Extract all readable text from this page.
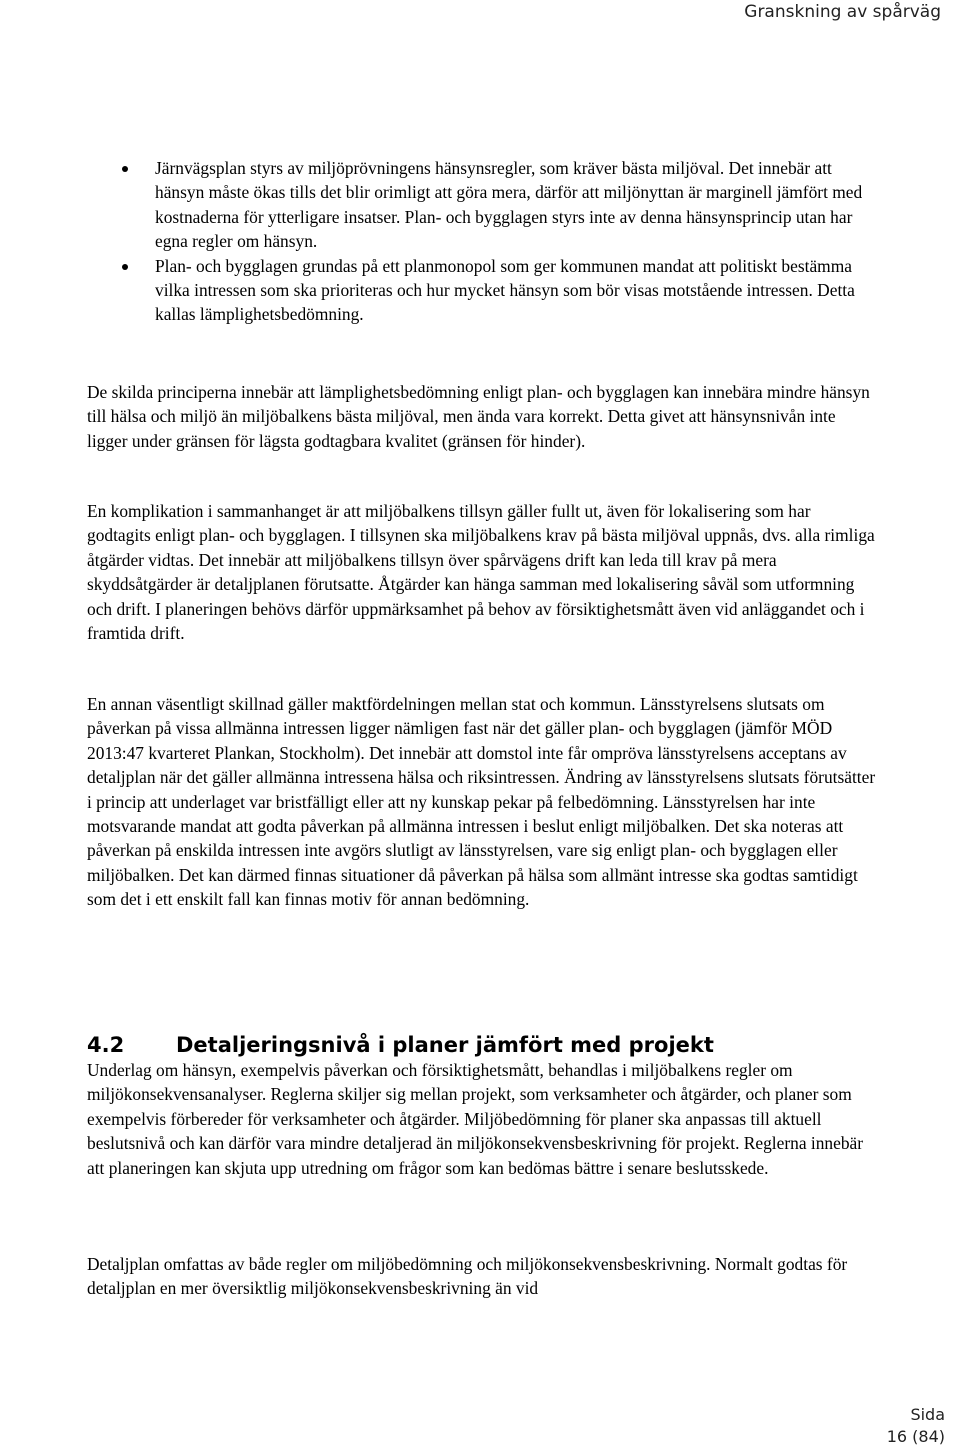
Granskning av spårväg
Järnvägsplan styrs av miljöprövningens hänsynsregler, som kräver bästa miljöval. Det innebär att hänsyn måste ökas tills det blir orimligt att göra mera, därför att miljönyttan är marginell jämfört med kostnaderna för ytterligare insatser. Plan- och bygglagen styrs inte av denna hänsynsprincip utan har egna regler om hänsyn.
Plan- och bygglagen grundas på ett planmonopol som ger kommunen mandat att politiskt bestämma vilka intressen som ska prioriteras och hur mycket hänsyn som bör visas motstående intressen. Detta kallas lämplighetsbedömning.

De skilda principerna innebär att lämplighetsbedömning enligt plan- och bygglagen kan innebära mindre hänsyn till hälsa och miljö än miljöbalkens bästa miljöval, men ända vara korrekt. Detta givet att hänsynsnivån inte ligger under gränsen för lägsta godtagbara kvalitet (gränsen för hinder).

En komplikation i sammanhanget är att miljöbalkens tillsyn gäller fullt ut, även för lokalisering som har godtagits enligt plan- och bygglagen. I tillsynen ska miljöbalkens krav på bästa miljöval uppnås, dvs. alla rimliga åtgärder vidtas. Det innebär att miljöbalkens tillsyn över spårvägens drift kan leda till krav på mera skyddsåtgärder är detaljplanen förutsatte. Åtgärder kan hänga samman med lokalisering såväl som utformning och drift. I planeringen behövs därför uppmärksamhet på behov av försiktighetsmått även vid anläggandet och i framtida drift.

En annan väsentligt skillnad gäller maktfördelningen mellan stat och kommun. Länsstyrelsens slutsats om påverkan på vissa allmänna intressen ligger nämligen fast när det gäller plan- och bygglagen (jämför MÖD 2013:47 kvarteret Plankan, Stockholm). Det innebär att domstol inte får ompröva länsstyrelsens acceptans av detaljplan när det gäller allmänna intressena hälsa och riksintressen. Ändring av länsstyrelsens slutsats förutsätter i princip att underlaget var bristfälligt eller att ny kunskap pekar på felbedömning. Länsstyrelsen har inte motsvarande mandat att godta påverkan på allmänna intressen i beslut enligt miljöbalken. Det ska noteras att påverkan på enskilda intressen inte avgörs slutligt av länsstyrelsen, vare sig enligt plan- och bygglagen eller miljöbalken. Det kan därmed finnas situationer då påverkan på hälsa som allmänt intresse ska godtas samtidigt som det i ett enskilt fall kan finnas motiv för annan bedömning.

4.2 Detaljeringsnivå i planer jämfört med projekt

Underlag om hänsyn, exempelvis påverkan och försiktighetsmått, behandlas i miljöbalkens regler om miljökonsekvensanalyser. Reglerna skiljer sig mellan projekt, som verksamheter och åtgärder, och planer som exempelvis förbereder för verksamheter och åtgärder. Miljöbedömning för planer ska anpassas till aktuell beslutsnivå och kan därför vara mindre detaljerad än miljökonsekvensbeskrivning för projekt. Reglerna innebär att planeringen kan skjuta upp utredning om frågor som kan bedömas bättre i senare beslutsskede.

Detaljplan omfattas av både regler om miljöbedömning och miljökonsekvensbeskrivning. Normalt godtas för detaljplan en mer översiktlig miljökonsekvensbeskrivning än vid

Sida
16 (84)
